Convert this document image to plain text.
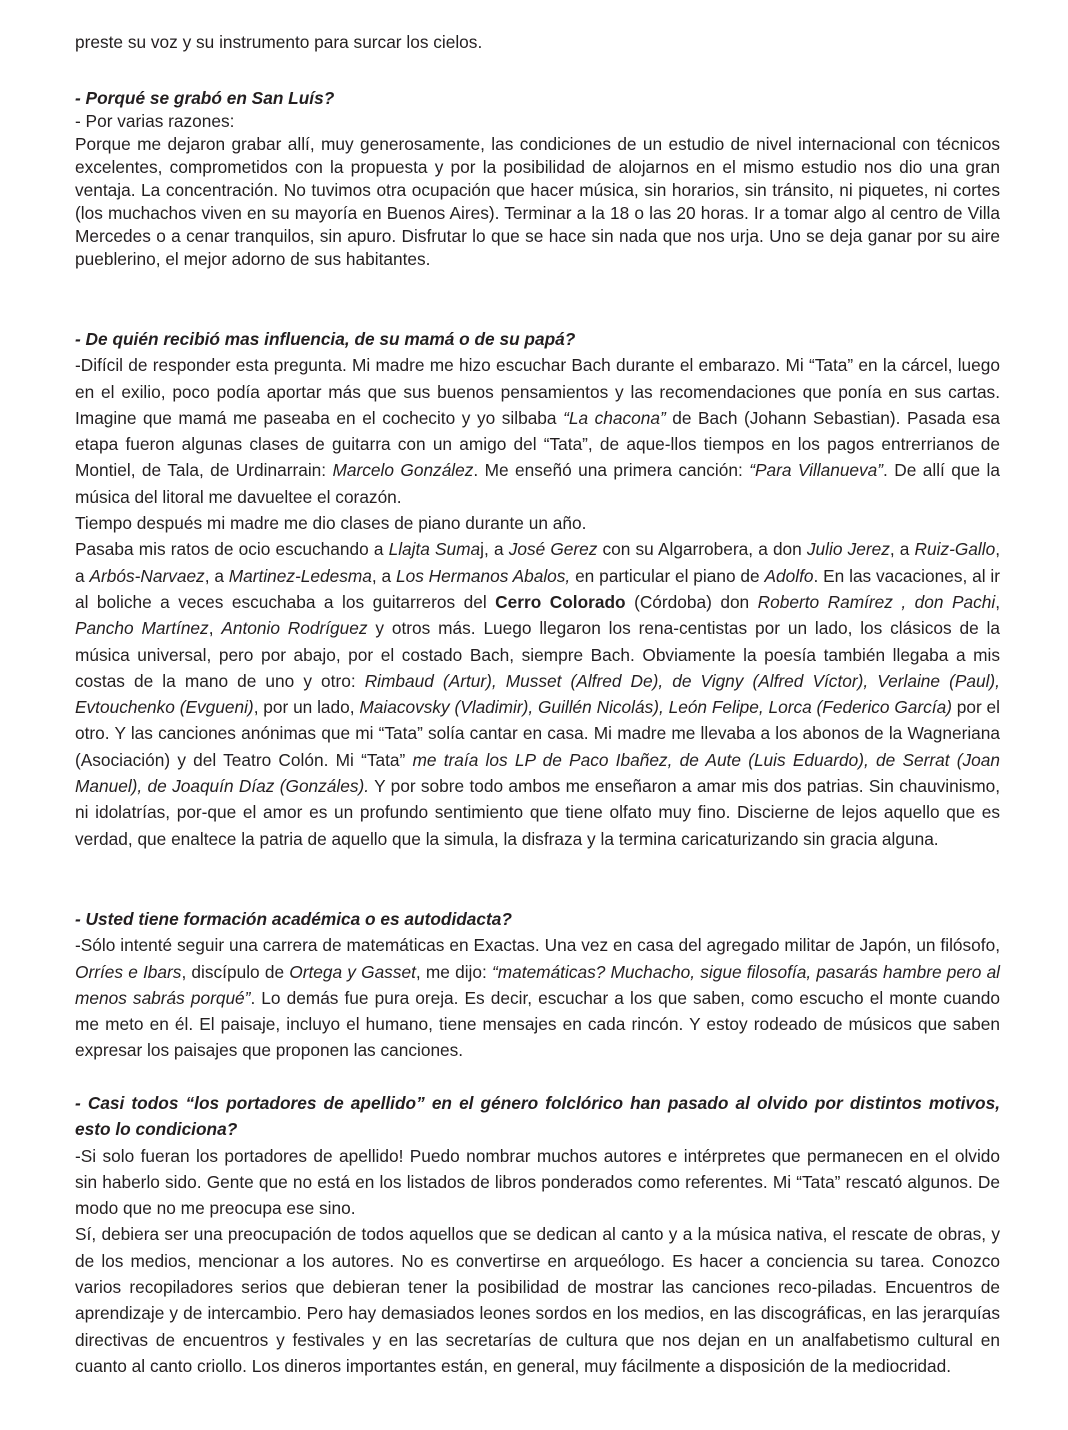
preste su voz y su instrumento para surcar los cielos.

- Porqué se grabó en San Luís?

- Por varias razones:

Porque me dejaron grabar allí, muy generosamente, las condiciones de un estudio de nivel internacional con técnicos excelentes, comprometidos con la propuesta y por la posibilidad de alojarnos en el mismo estudio nos dio una gran ventaja. La concentración. No tuvimos otra ocupación que hacer música, sin horarios, sin tránsito, ni piquetes, ni cortes (los muchachos viven en su mayoría en Buenos Aires). Terminar a la 18 o las 20 horas. Ir a tomar algo al centro de Villa Mercedes o a cenar tranquilos, sin apuro. Disfrutar lo que se hace sin nada que nos urja. Uno se deja ganar por su aire pueblerino, el mejor adorno de sus habitantes.

- De quién recibió mas influencia, de su mamá o de su papá?

-Difícil de responder esta pregunta. Mi madre me hizo escuchar Bach durante el embarazo. Mi “Tata” en la cárcel, luego en el exilio, poco podía aportar más que sus buenos pensamientos y las recomendaciones que ponía en sus cartas. Imagine que mamá me paseaba en el cochecito y yo silbaba “La chacona” de Bach (Johann Sebastian). Pasada esa etapa fueron algunas clases de guitarra con un amigo del “Tata”, de aque-llos tiempos en los pagos entrerrianos de Montiel, de Tala, de Urdinarrain: Marcelo González. Me enseñó una primera canción: “Para Villanueva”. De allí que la música del litoral me davueltee el corazón.

Tiempo después mi madre me dio clases de piano durante un año.

Pasaba mis ratos de ocio escuchando a Llajta Sumaj, a José Gerez con su Algarrobera, a don Julio Jerez, a Ruiz-Gallo, a Arbós-Narvaez, a Martinez-Ledesma, a Los Hermanos Abalos, en particular el piano de Adolfo. En las vacaciones, al ir al boliche a veces escuchaba a los guitarreros del Cerro Colorado (Córdoba) don Roberto Ramírez , don Pachi, Pancho Martínez, Antonio Rodríguez y otros más. Luego llegaron los rena-centistas por un lado, los clásicos de la música universal, pero por abajo, por el costado Bach, siempre Bach. Obviamente la poesía también llegaba a mis costas de la mano de uno y otro: Rimbaud (Artur), Musset (Alfred De), de Vigny (Alfred Víctor), Verlaine (Paul), Evtouchenko (Evgueni), por un lado, Maiacovsky (Vladimir), Guillén Nicolás), León Felipe, Lorca (Federico García) por el otro. Y las canciones anónimas que mi “Tata” solía cantar en casa. Mi madre me llevaba a los abonos de la Wagneriana (Asociación) y del Teatro Colón. Mi “Tata” me traía los LP de Paco Ibañez, de Aute (Luis Eduardo), de Serrat (Joan Manuel), de Joaquín Díaz (Gonzáles). Y por sobre todo ambos me enseñaron a amar mis dos patrias. Sin chauvinismo, ni idolatrías, por-que el amor es un profundo sentimiento que tiene olfato muy fino. Discierne de lejos aquello que es verdad, que enaltece la patria de aquello que la simula, la disfraza y la termina caricaturizando sin gracia alguna.

- Usted tiene formación académica o es autodidacta?

-Sólo intenté seguir una carrera de matemáticas en Exactas. Una vez en casa del agregado militar de Japón, un filósofo, Orríes e Ibars, discípulo de Ortega y Gasset, me dijo: “matemáticas? Muchacho, sigue filosofía, pasarás hambre pero al menos sabrás porqué”. Lo demás fue pura oreja. Es decir, escuchar a los que saben, como escucho el monte cuando me meto en él. El paisaje, incluyo el humano, tiene mensajes en cada rincón. Y estoy rodeado de músicos que saben expresar los paisajes que proponen las canciones.

- Casi todos “los portadores de apellido” en el género folclórico han pasado al olvido por distintos motivos, esto lo condiciona?

-Si solo fueran los portadores de apellido! Puedo nombrar muchos autores e intérpretes que permanecen en el olvido sin haberlo sido. Gente que no está en los listados de libros ponderados como referentes. Mi “Tata” rescató algunos. De modo que no me preocupa ese sino.

Sí, debiera ser una preocupación de todos aquellos que se dedican al canto y a la música nativa, el rescate de obras, y de los medios, mencionar a los autores. No es convertirse en arqueólogo. Es hacer a conciencia su tarea. Conozco varios recopiladores serios que debieran tener la posibilidad de mostrar las canciones reco-piladas. Encuentros de aprendizaje y de intercambio. Pero hay demasiados leones sordos en los medios, en las discográficas, en las jerarquías directivas de encuentros y festivales y en las secretarías de cultura que nos dejan en un analfabetismo cultural en cuanto al canto criollo. Los dineros importantes están, en general, muy fácilmente a disposición de la mediocridad.
